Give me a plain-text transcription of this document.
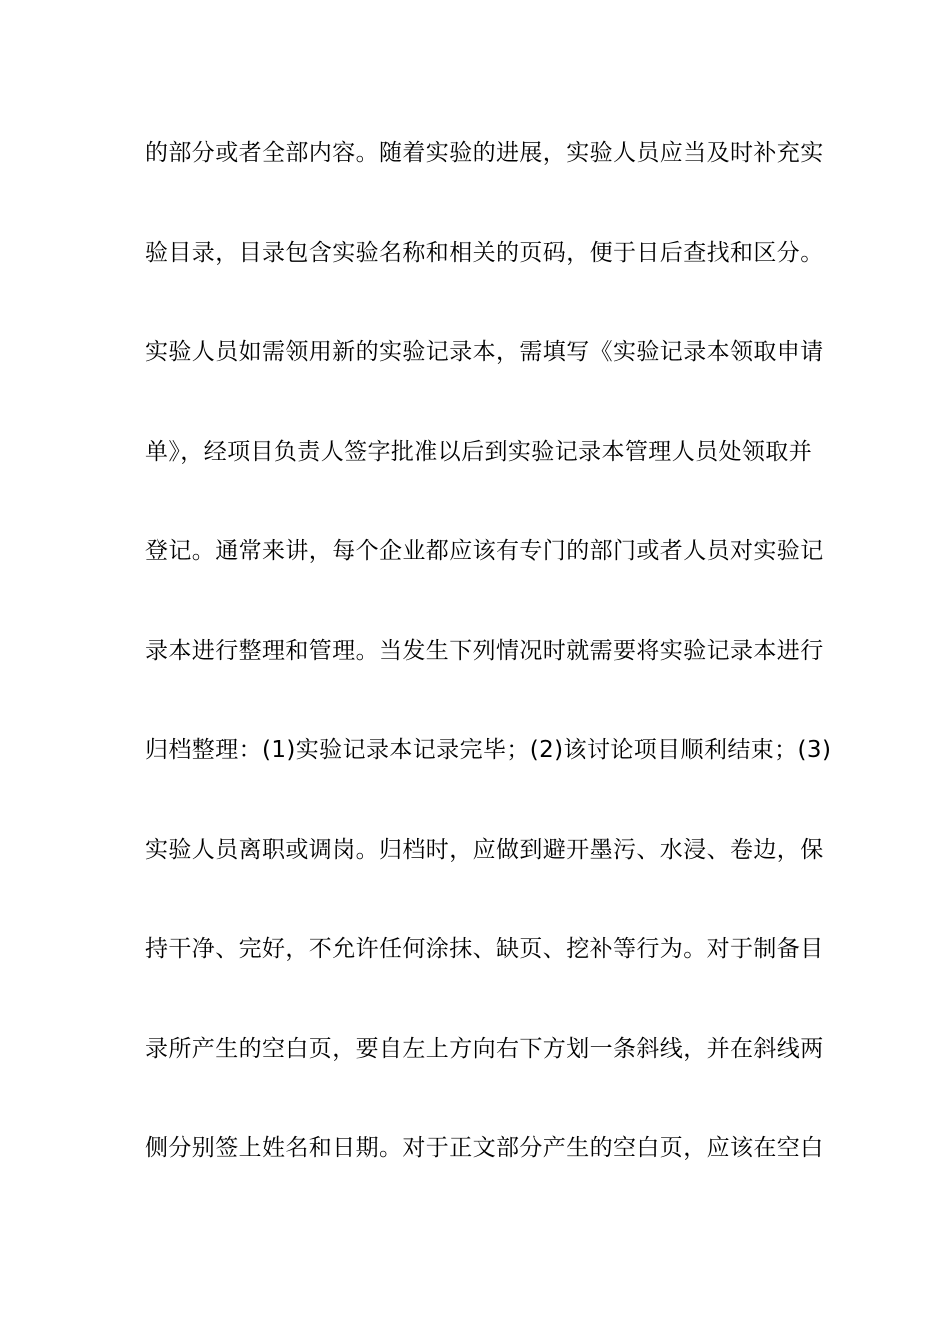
的部分或者全部内容。随着实验的进展，实验人员应当及时补充实
验目录，目录包含实验名称和相关的页码，便于日后查找和区分。
实验人员如需领用新的实验记录本，需填写《实验记录本领取申请
单》，经项目负责人签字批准以后到实验记录本管理人员处领取并
登记。通常来讲，每个企业都应该有专门的部门或者人员对实验记
录本进行整理和管理。当发生下列情况时就需要将实验记录本进行
归档整理：(1)实验记录本记录完毕；(2)该讨论项目顺利结束；(3)
实验人员离职或调岗。归档时，应做到避开墨污、水浸、卷边，保
持干净、完好，不允许任何涂抹、缺页、挖补等行为。对于制备目
录所产生的空白页，要自左上方向右下方划一条斜线，并在斜线两
侧分别签上姓名和日期。对于正文部分产生的空白页，应该在空白
